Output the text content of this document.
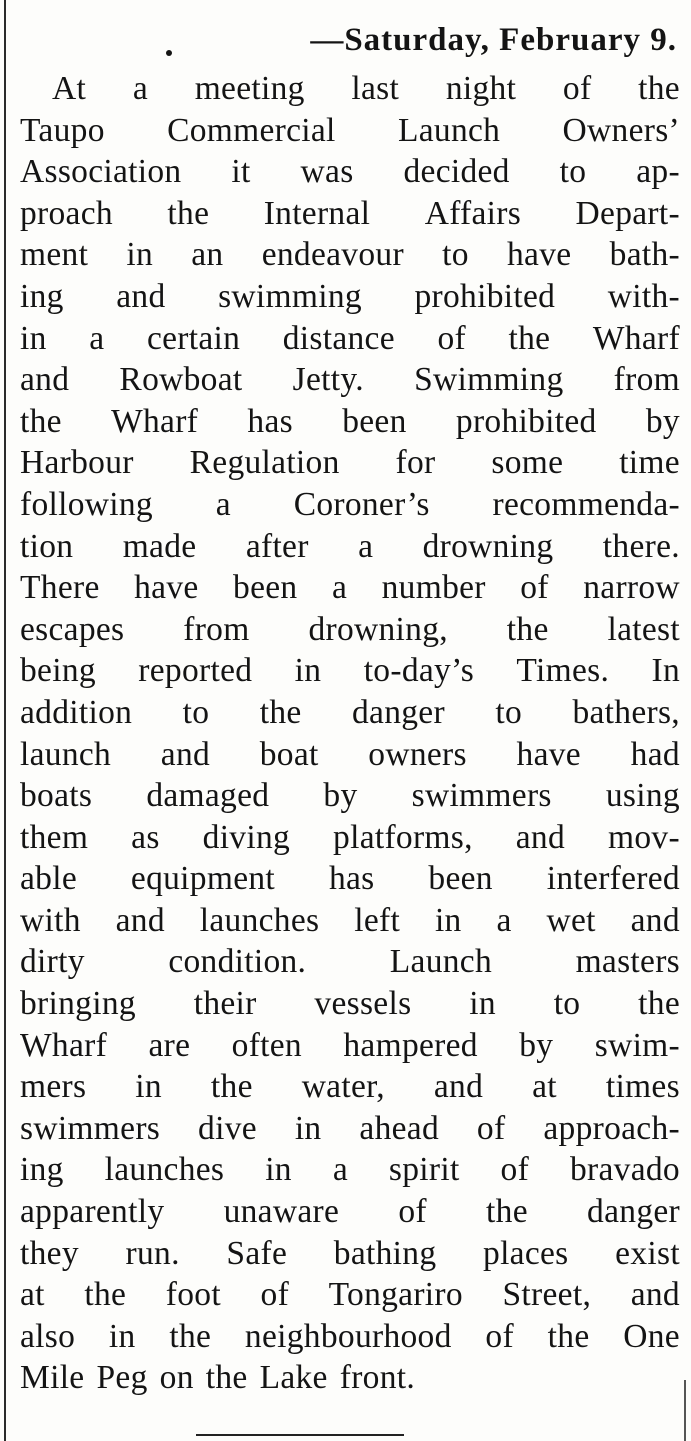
—Saturday, February 9.
At a meeting last night of the
Taupo Commercial Launch Owners’
Association it was decided to ap-
proach the Internal Affairs Depart-
ment in an endeavour to have bath-
ing and swimming prohibited with-
in a certain distance of the Wharf
and Rowboat Jetty. Swimming from
the Wharf has been prohibited by
Harbour Regulation for some time
following a Coroner’s recommenda-
tion made after a drowning there.
There have been a number of narrow
escapes from drowning, the latest
being reported in to-day’s Times. In
addition to the danger to bathers,
launch and boat owners have had
boats damaged by swimmers using
them as diving platforms, and mov-
able equipment has been interfered
with and launches left in a wet and
dirty condition. Launch masters
bringing their vessels in to the
Wharf are often hampered by swim-
mers in the water, and at times
swimmers dive in ahead of approach-
ing launches in a spirit of bravado
apparently unaware of the danger
they run. Safe bathing places exist
at the foot of Tongariro Street, and
also in the neighbourhood of the One
Mile Peg on the Lake front.
